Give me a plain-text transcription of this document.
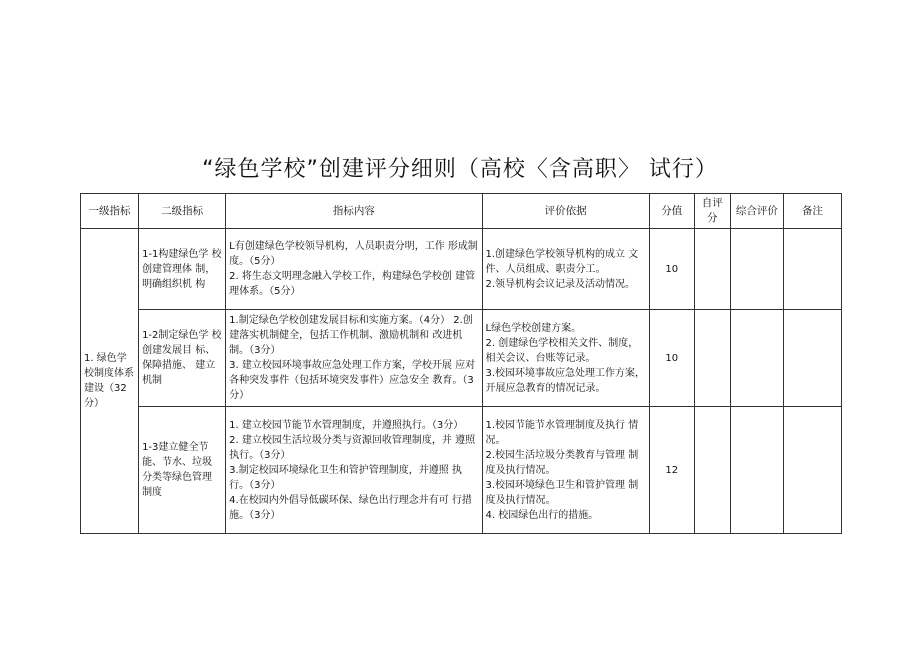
“绿色学校”创建评分细则（高校〈含高职〉 试行）
一级指标	二级指标	指标内容	评价依据	分值	自评分	综合评价	备注
1. 绿色学校制度体系建设（32分）	1-1构建绿色学 校创建管理体 制，明确组织机 构	L有创建绿色学校领导机构，人员职责分明，工作 形成制度。（5分）
2. 将生态文明理念融入学校工作，构建绿色学校创 建管理体系。（5分）	1.创建绿色学校领导机构的成立 文件、人员组成、职责分工。
2.领导机构会议记录及活动情况。	10			
	1-2制定绿色学 校创建发展目 标、保障措施、 建立机制	1.制定绿色学校创建发展目标和实施方案。（4分） 2.创建落实机制健全，包括工作机制、激励机制和 改进机制。（3分）
3. 建立校园环境事故应急处理工作方案，学校开展 应对各种突发事件（包括环境突发事件）应急安全 教育。（3分）	L绿色学校创建方案。
2. 创建绿色学校相关文件、制度，相关会议、台账等记录。
3.校园环境事故应急处理工作方案，开展应急教育的情况记录。	10			
	1-3建立健全节 能、节水、垃圾 分类等绿色管理 制度	1. 建立校园节能节水管理制度，并遵照执行。（3分）
2. 建立校园生活垃圾分类与资源回收管理制度，并 遵照执行。（3分）
3.制定校园环境绿化卫生和管护管理制度，并遵照 执行。（3分）
4.在校园内外倡导低碳环保、绿色出行理念并有可 行措施。（3分）	1.校园节能节水管理制度及执行 情况。
2.校园生活垃圾分类教育与管理 制度及执行情况。
3.校园环境绿色卫生和管护管理 制度及执行情况。
4. 校园绿色出行的措施。	12			
